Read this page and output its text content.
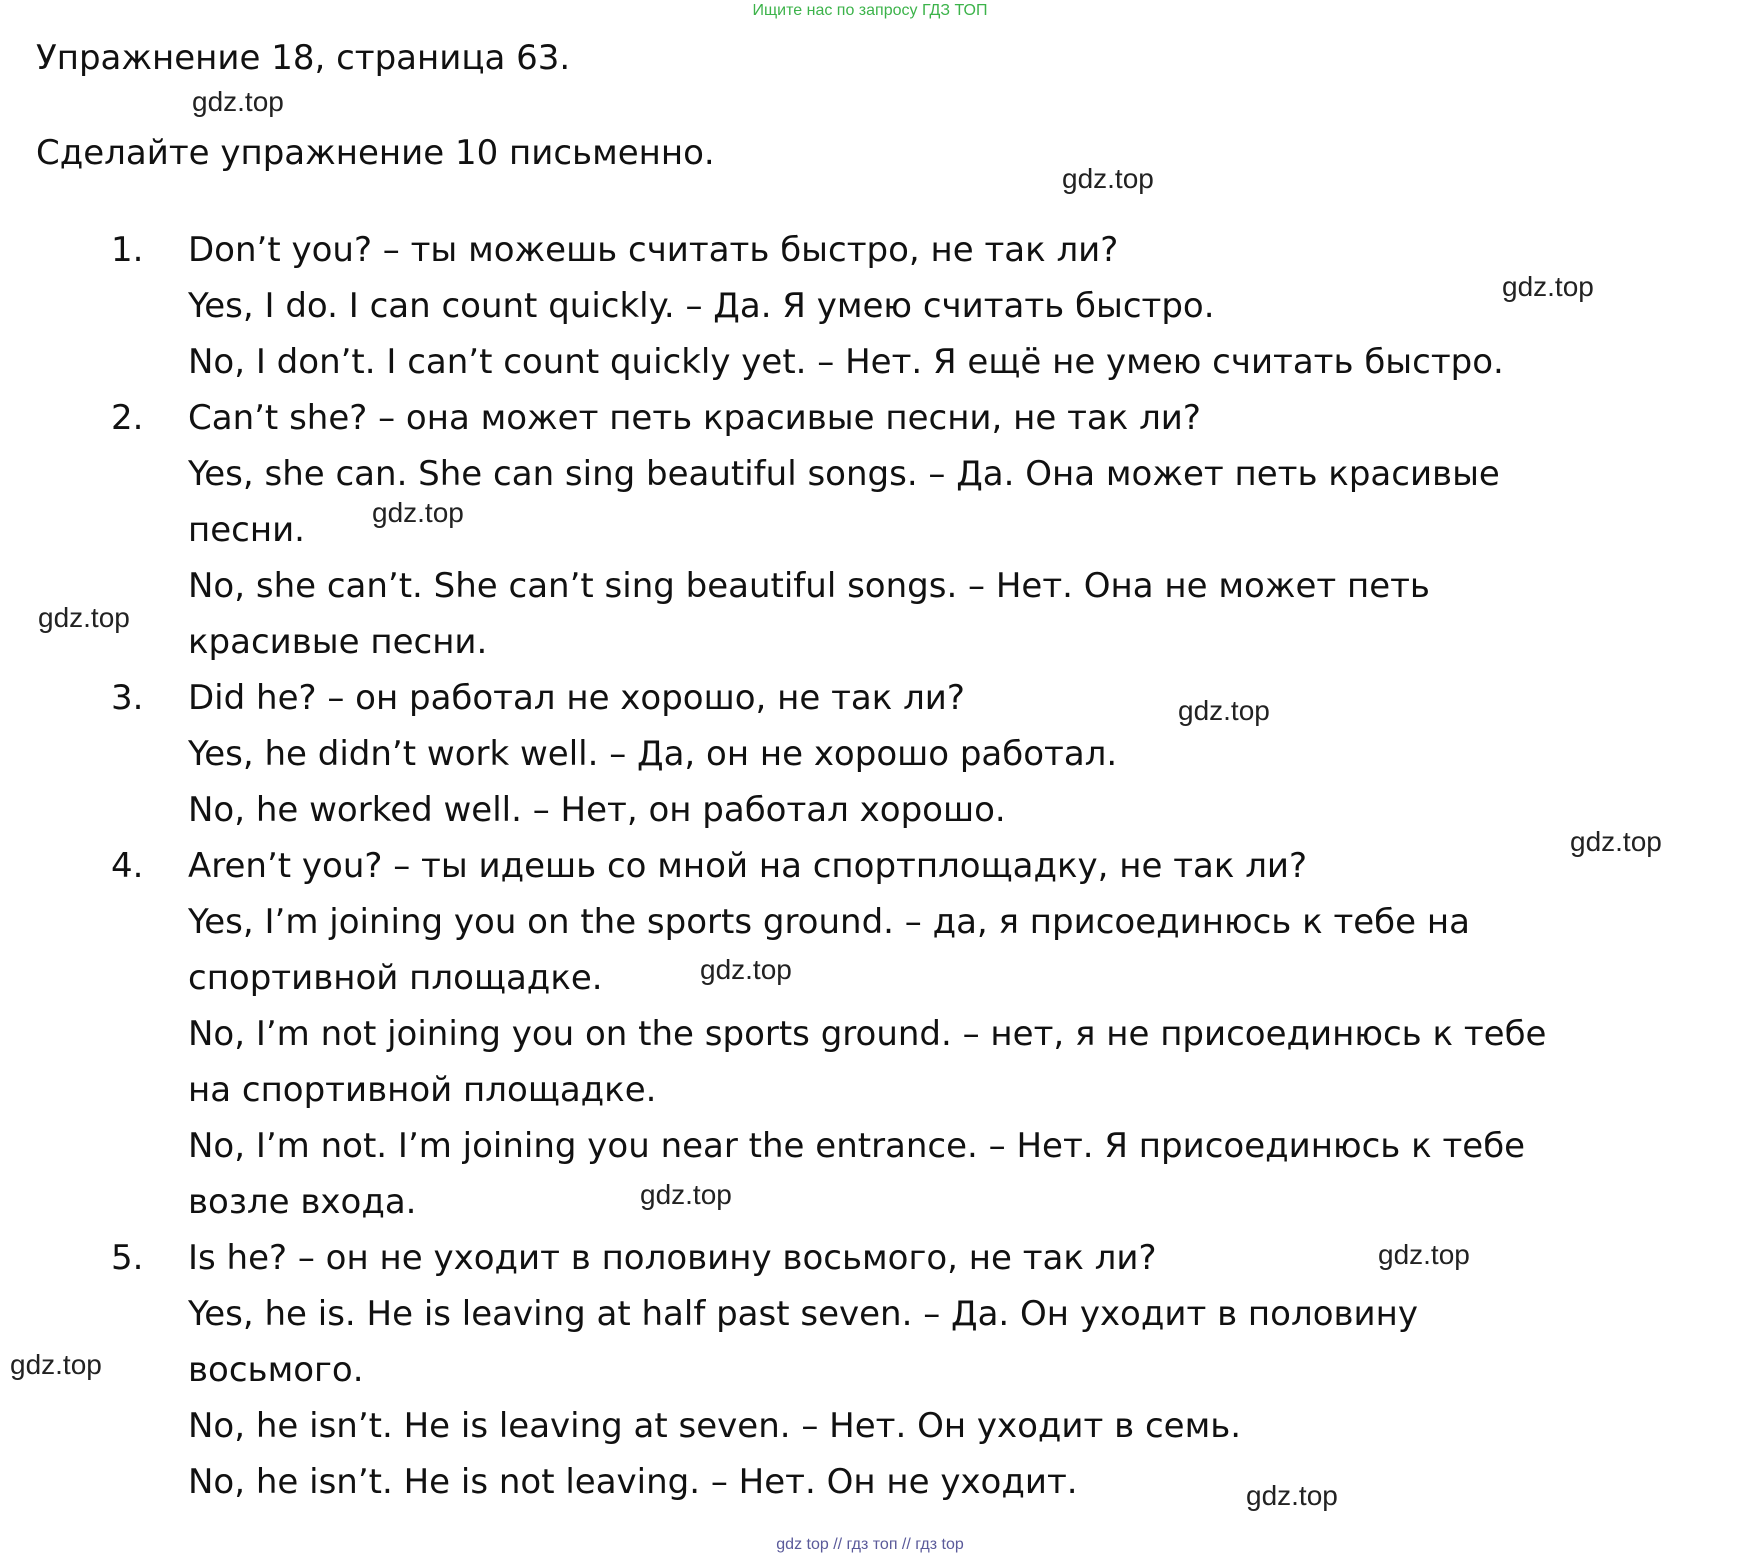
Ищите нас по запросу ГДЗ ТОП
Упражнение 18, страница 63.
Сделайте упражнение 10 письменно.
1. Don’t you? – ты можешь считать быстро, не так ли?
Yes, I do. I can count quickly. – Да. Я умею считать быстро.
No, I don’t. I can’t count quickly yet. – Нет. Я ещё не умею считать быстро.
2. Can’t she? – она может петь красивые песни, не так ли?
Yes, she can. She can sing beautiful songs. – Да. Она может петь красивые
песни.
No, she can’t. She can’t sing beautiful songs. – Нет. Она не может петь
красивые песни.
3. Did he? – он работал не хорошо, не так ли?
Yes, he didn’t work well. – Да, он не хорошо работал.
No, he worked well. – Нет, он работал хорошо.
4. Aren’t you? – ты идешь со мной на спортплощадку, не так ли?
Yes, I’m joining you on the sports ground. – да, я присоединюсь к тебе на
спортивной площадке.
No, I’m not joining you on the sports ground. – нет, я не присоединюсь к тебе
на спортивной площадке.
No, I’m not. I’m joining you near the entrance. – Нет. Я присоединюсь к тебе
возле входа.
5. Is he? – он не уходит в половину восьмого, не так ли?
Yes, he is. He is leaving at half past seven. – Да. Он уходит в половину
восьмого.
No, he isn’t. He is leaving at seven. – Нет. Он уходит в семь.
No, he isn’t. He is not leaving. – Нет. Он не уходит.
gdz.top
gdz.top
gdz.top
gdz.top
gdz.top
gdz.top
gdz.top
gdz.top
gdz.top
gdz.top
gdz.top
gdz.top
gdz top // гдз топ // гдз top
